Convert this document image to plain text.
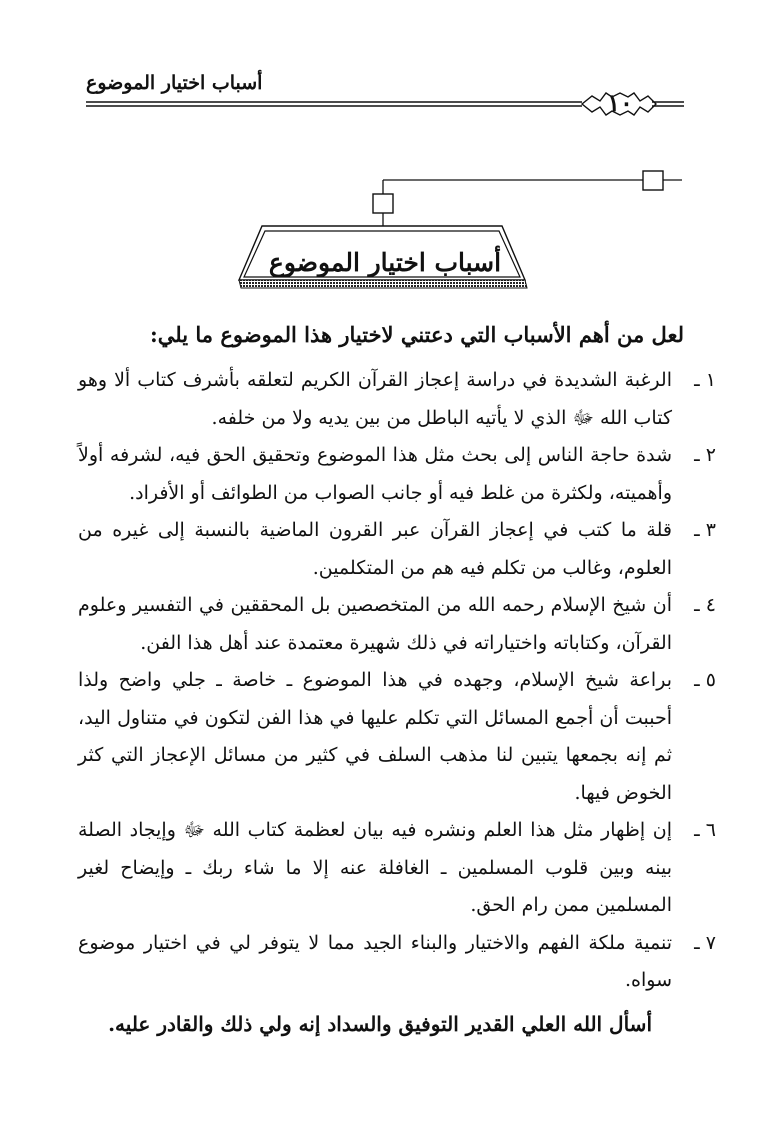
أسباب اختيار الموضوع
١٠
أسباب اختيار الموضوع
لعل من أهم الأسباب التي دعتني لاختيار هذا الموضوع ما يلي:
١ ـ
الرغبة الشديدة في دراسة إعجاز القرآن الكريم لتعلقه بأشرف كتاب ألا وهو كتاب الله ﷻ الذي لا يأتيه الباطل من بين يديه ولا من خلفه.
٢ ـ
شدة حاجة الناس إلى بحث مثل هذا الموضوع وتحقيق الحق فيه، لشرفه أولاً وأهميته، ولكثرة من غلط فيه أو جانب الصواب من الطوائف أو الأفراد.
٣ ـ
قلة ما كتب في إعجاز القرآن عبر القرون الماضية بالنسبة إلى غيره من العلوم، وغالب من تكلم فيه هم من المتكلمين.
٤ ـ
أن شيخ الإسلام رحمه الله من المتخصصين بل المحققين في التفسير وعلوم القرآن، وكتاباته واختياراته في ذلك شهيرة معتمدة عند أهل هذا الفن.
٥ ـ
براعة شيخ الإسلام، وجهده في هذا الموضوع ـ خاصة ـ جلي واضح ولذا أحببت أن أجمع المسائل التي تكلم عليها في هذا الفن لتكون في متناول اليد، ثم إنه بجمعها يتبين لنا مذهب السلف في كثير من مسائل الإعجاز التي كثر الخوض فيها.
٦ ـ
إن إظهار مثل هذا العلم ونشره فيه بيان لعظمة كتاب الله ﷻ وإيجاد الصلة بينه وبين قلوب المسلمين ـ الغافلة عنه إلا ما شاء ربك ـ وإيضاح لغير المسلمين ممن رام الحق.
٧ ـ
تنمية ملكة الفهم والاختيار والبناء الجيد مما لا يتوفر لي في اختيار موضوع سواه.
أسأل الله العلي القدير التوفيق والسداد إنه ولي ذلك والقادر عليه.
